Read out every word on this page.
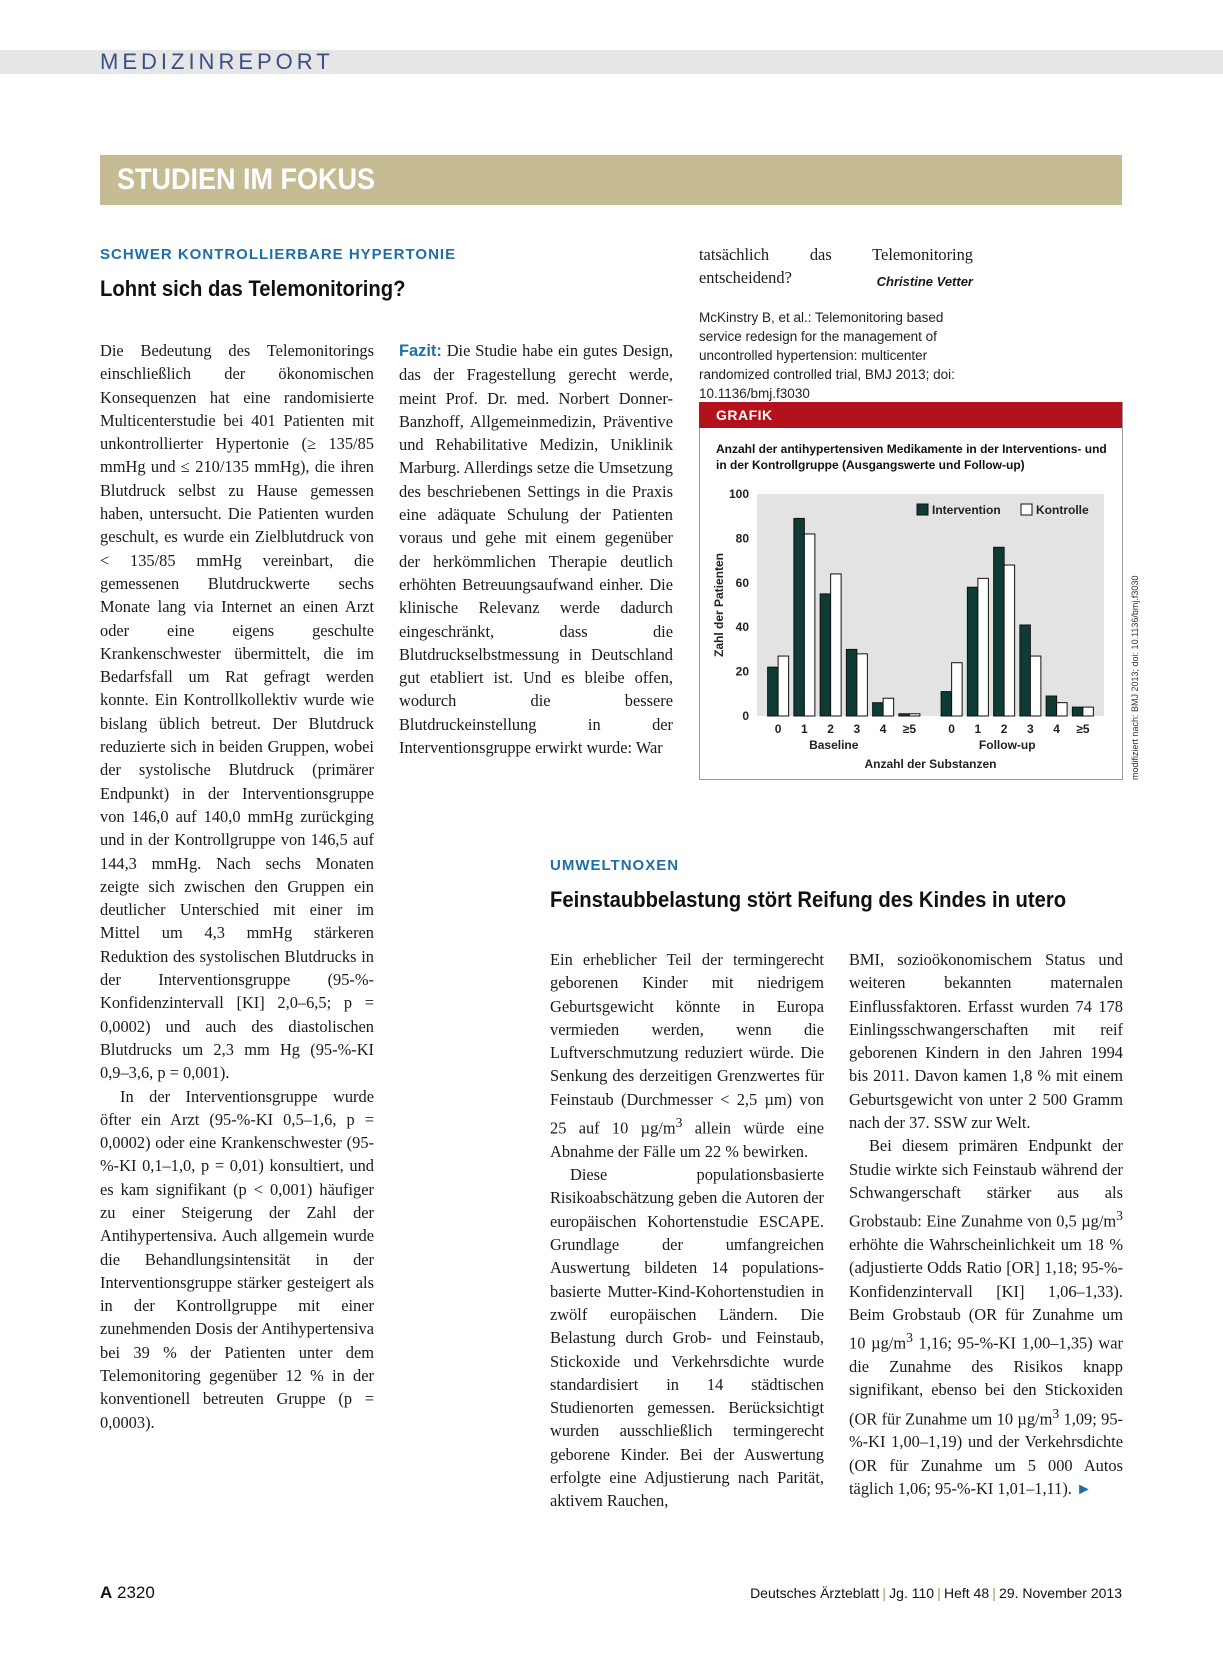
MEDIZINREPORT
STUDIEN IM FOKUS
SCHWER KONTROLLIERBARE HYPERTONIE
Lohnt sich das Telemonitoring?

Die Bedeutung des Telemonitorings einschließlich der ökonomischen Konsequenzen hat eine randomisierte Multicenterstudie bei 401 Patienten mit unkontrollierter Hypertonie (≥ 135/85 mmHg und ≤ 210/135 mmHg), die ihren Blutdruck selbst zu Hause gemessen haben, untersucht. Die Patienten wurden geschult, es wurde ein Zielblutdruck von < 135/85 mmHg vereinbart, die gemessenen Blutdruckwerte sechs Monate lang via Internet an einen Arzt oder eine eigens geschulte Krankenschwester übermittelt, die im Bedarfsfall um Rat gefragt werden konnte. Ein Kontrollkollektiv wurde wie bislang üblich betreut. Der Blutdruck reduzierte sich in beiden Gruppen, wobei der systolische Blutdruck (primärer Endpunkt) in der Interventionsgruppe von 146,0 auf 140,0 mmHg zurückging und in der Kontrollgruppe von 146,5 auf 144,3 mmHg. Nach sechs Monaten zeigte sich zwischen den Gruppen ein deutlicher Unterschied mit einer im Mittel um 4,3 mmHg stärkeren Reduktion des systolischen Blutdrucks in der Interventionsgruppe (95-%-Konfidenzintervall [KI] 2,0–6,5; p = 0,0002) und auch des diastolischen Blutdrucks um 2,3 mm Hg (95-%-KI 0,9–3,6, p = 0,001).

In der Interventionsgruppe wurde öfter ein Arzt (95-%-KI 0,5–1,6, p = 0,0002) oder eine Krankenschwester (95-%-KI 0,1–1,0, p = 0,01) konsultiert, und es kam signifikant (p < 0,001) häufiger zu einer Steigerung der Zahl der Antihypertensiva. Auch allgemein wurde die Behandlungsintensität in der Interventionsgruppe stärker gesteigert als in der Kontrollgruppe mit einer zunehmenden Dosis der Antihypertensiva bei 39 % der Patienten unter dem Telemonitoring gegenüber 12 % in der konventionell betreuten Gruppe (p = 0,0003).

Fazit: Die Studie habe ein gutes Design, das der Fragestellung gerecht werde, meint Prof. Dr. med. Norbert Donner-Banzhoff, Allgemeinmedizin, Präventive und Rehabilitative Medizin, Uniklinik Marburg. Allerdings setze die Umsetzung des beschriebenen Settings in die Praxis eine adäquate Schulung der Patienten voraus und gehe mit einem gegenüber der herkömmlichen Therapie deutlich erhöhten Betreuungsaufwand einher. Die klinische Relevanz werde dadurch eingeschränkt, dass die Blutdruckselbstmessung in Deutschland gut etabliert ist. Und es bleibe offen, wodurch die bessere Blutdruckeinstellung in der Interventionsgruppe erwirkt wurde: War

tatsächlich das Telemonitoring entscheidend?	Christine Vetter

McKinstry B, et al.: Telemonitoring based service redesign for the management of uncontrolled hypertension: multicenter randomized controlled trial, BMJ 2013; doi: 10.1136/bmj.f3030
GRAFIK
Anzahl der antihypertensiven Medikamente in der Interventions- und in der Kontrollgruppe (Ausgangswerte und Follow-up)
modifiziert nach: BMJ 2013; doi: 10.1136/bmj.f3030
0
20
40
60
80
100
Zahl der Patienten
0 1 2 3 4 ≥5
Baseline
0 1 2 3 4 ≥5
Follow-up
Anzahl der Substanzen
Intervention	Kontrolle
UMWELTNOXEN
Feinstaubbelastung stört Reifung des Kindes in utero

Ein erheblicher Teil der termingerecht geborenen Kinder mit niedrigem Geburtsgewicht könnte in Europa vermieden werden, wenn die Luftverschmutzung reduziert würde. Die Senkung des derzeitigen Grenzwertes für Feinstaub (Durchmesser < 2,5 µm) von 25 auf 10 $\mu g/m^3$ allein würde eine Abnahme der Fälle um 22 % bewirken.

Diese populationsbasierte Risikoabschätzung geben die Autoren der europäischen Kohortenstudie ESCAPE. Grundlage der umfangreichen Auswertung bildeten 14 populations-basierte Mutter-Kind-Kohortenstudien in zwölf europäischen Ländern. Die Belastung durch Grob- und Feinstaub, Stickoxide und Verkehrsdichte wurde standardisiert in 14 städtischen Studienorten gemessen. Berücksichtigt wurden ausschließlich termingerecht geborene Kinder. Bei der Auswertung erfolgte eine Adjustierung nach Parität, aktivem Rauchen,

BMI, sozioökonomischem Status und weiteren bekannten maternalen Einflussfaktoren. Erfasst wurden 74 178 Einlingsschwangerschaften mit reif geborenen Kindern in den Jahren 1994 bis 2011. Davon kamen 1,8 % mit einem Geburtsgewicht von unter 2 500 Gramm nach der 37. SSW zur Welt.

Bei diesem primären Endpunkt der Studie wirkte sich Feinstaub während der Schwangerschaft stärker aus als Grobstaub: Eine Zunahme von 0,5 $\mu g/m^3$ erhöhte die Wahrscheinlichkeit um 18 % (adjustierte Odds Ratio [OR] 1,18; 95-%-Konfidenzintervall [KI] 1,06–1,33). Beim Grobstaub (OR für Zunahme um 10 $\mu g/m^3$ 1,16; 95-%-KI 1,00–1,35) war die Zunahme des Risikos knapp signifikant, ebenso bei den Stickoxiden (OR für Zunahme um 10 $\mu g/m^3$ 1,09; 95-%-KI 1,00–1,19) und der Verkehrsdichte (OR für Zunahme um 5 000 Autos täglich 1,06; 95-%-KI 1,01–1,11). ►

A 2320	Deutsches Ärzteblatt | Jg. 110 | Heft 48 | 29. November 2013
